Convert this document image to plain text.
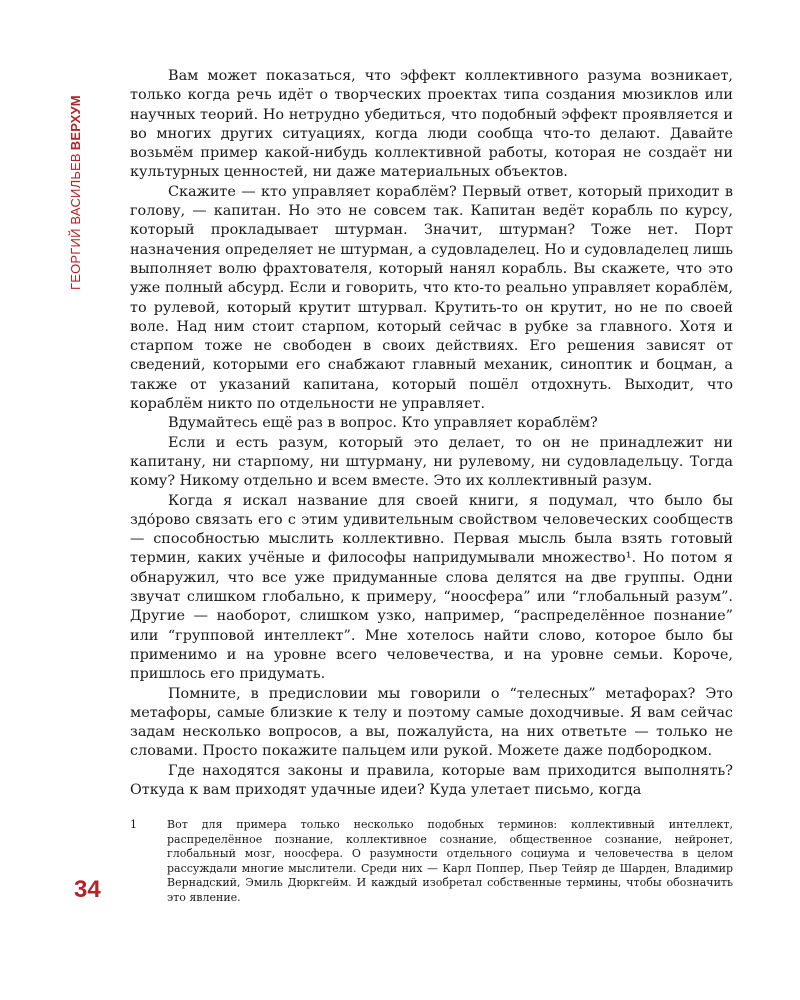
ГЕОРГИЙ ВАСИЛЬЕВВЕРХУМ

Вам может показаться, что эффект коллективного разума возникает, только когда речь идёт о творческих проектах типа создания мюзиклов или научных теорий. Но нетрудно убедиться, что подобный эффект проявляется и во многих других ситуациях, когда люди сообща что-то делают. Давайте возьмём пример какой-нибудь коллективной работы, которая не создаёт ни культурных ценностей, ни даже материальных объектов.

Скажите — кто управляет кораблём? Первый ответ, который приходит в голову, — капитан. Но это не совсем так. Капитан ведёт корабль по курсу, который прокладывает штурман. Значит, штурман? Тоже нет. Порт назначения определяет не штурман, а судовладелец. Но и судовладелец лишь выполняет волю фрахтователя, который нанял корабль. Вы скажете, что это уже полный абсурд. Если и говорить, что кто-то реально управляет кораблём, то рулевой, который крутит штурвал. Крутить-то он крутит, но не по своей воле. Над ним стоит старпом, который сейчас в рубке за главного. Хотя и старпом тоже не свободен в своих действиях. Его решения зависят от сведений, которыми его снабжают главный механик, синоптик и боцман, а также от указаний капитана, который пошёл отдохнуть. Выходит, что кораблём никто по отдельности не управляет.

Вдумайтесь ещё раз в вопрос. Кто управляет кораблём?

Если и есть разум, который это делает, то он не принадлежит ни капитану, ни старпому, ни штурману, ни рулевому, ни судовладельцу. Тогда кому? Никому отдельно и всем вместе. Это их коллективный разум.

Когда я искал название для своей книги, я подумал, что было бы здо́рово связать его с этим удивительным свойством человеческих сообществ — способностью мыслить коллективно. Первая мысль была взять готовый термин, каких учёные и философы напридумывали множество¹. Но потом я обнаружил, что все уже придуманные слова делятся на две группы. Одни звучат слишком глобально, к примеру, “ноосфера” или “глобальный разум”. Другие — наоборот, слишком узко, например, “распределённое познание” или “групповой интеллект”. Мне хотелось найти слово, которое было бы применимо и на уровне всего человечества, и на уровне семьи. Короче, пришлось его придумать.

Помните, в предисловии мы говорили о “телесных” метафорах? Это метафоры, самые близкие к телу и поэтому самые доходчивые. Я вам сейчас задам несколько вопросов, а вы, пожалуйста, на них ответьте — только не словами. Просто покажите пальцем или рукой. Можете даже подбородком.

Где находятся законы и правила, которые вам приходится выполнять? Откуда к вам приходят удачные идеи? Куда улетает письмо, когда

1	Вот для примера только несколько подобных терминов: коллективный интеллект, распределённое познание, коллективное сознание, общественное сознание, нейронет, глобальный мозг, ноосфера. О разумности отдельного социума и человечества в целом рассуждали многие мыслители. Среди них — Карл Поппер, Пьер Тейяр де Шарден, Владимир Вернадский, Эмиль Дюркгейм. И каждый изобретал собственные термины, чтобы обозначить это явление.
34
